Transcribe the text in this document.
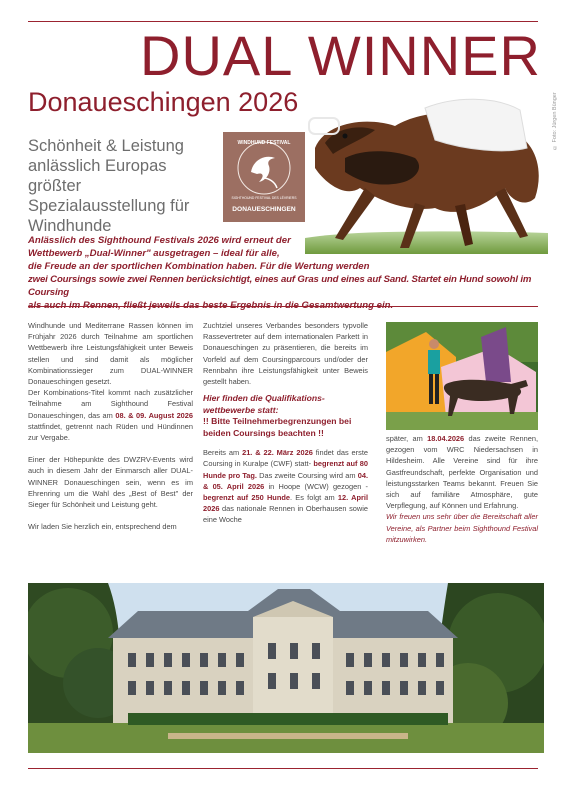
DUAL WINNER
Donaueschingen 2026
Schönheit & Leistung anlässlich Europas größter Spezialausstellung für Windhunde
© Foto: Jürgen Bünger
WINDHUND FESTIVAL
SIGHTHOUND FESTIVAL DES LÉVRIERS
DONAUESCHINGEN
Anlässlich des Sighthound Festivals 2026 wird erneut der
Wettbewerb „Dual-Winner" ausgetragen – ideal für alle,
die Freude an der sportlichen Kombination haben. Für die Wertung werden
zwei Coursings sowie zwei Rennen berücksichtigt, eines auf Gras und eines auf Sand. Startet ein Hund sowohl im Coursing

Windhunde und Mediterrane Rassen können im Frühjahr 2026 durch Teilnahme am sportlichen Wettbewerb ihre Leistungsfähigkeit unter Beweis stellen und sind damit als möglicher Kombinationssieger zum DUAL-WINNER Donaueschingen gesetzt.

Der Kombinations-Titel kommt nach zusätzlicher Teilnahme am Sighthound Festival Donaueschingen, das am 08. & 09. August 2026 stattfindet, getrennt nach Rüden und Hündinnen zur Vergabe.

Einer der Höhepunkte des DWZRV-Events wird auch in diesem Jahr der Einmarsch aller DUAL-WINNER Donaueschingen sein, wenn es im Ehrenring um die Wahl des „Best of Best" der Sieger für Schönheit und Leistung geht.

Wir laden Sie herzlich ein, entsprechend dem

Zuchtziel unseres Verbandes besonders typvolle Rassevertreter auf dem internationalen Parkett in Donaueschingen zu präsentieren, die bereits im Vorfeld auf dem Coursingparcours und/oder der Rennbahn ihre Leistungsfähigkeit unter Beweis gestellt haben.

Hier finden die Qualifikations-
wettbewerbe statt:
!! Bitte Teilnehmerbegrenzungen bei beiden Coursings beachten !!

Bereits am 21. & 22. März 2026 findet das erste Coursing in Kuralpe (CWF) statt- begrenzt auf 80 Hunde pro Tag. Das zweite Coursing wird am 04. & 05. April 2026 in Hoope (WCW) gezogen - begrenzt auf 250 Hunde. Es folgt am 12. April 2026 das nationale Rennen in Oberhausen sowie eine Woche

später, am 18.04.2026 das zweite Rennen, gezogen vom WRC Niedersachsen in Hildesheim. Alle Vereine sind für ihre Gastfreundschaft, perfekte Organisation und leistungsstarken Teams bekannt. Freuen Sie sich auf familiäre Atmosphäre, gute Verpflegung, auf Können und Erfahrung.

Wir freuen uns sehr über die Bereitschaft aller Vereine, als Partner beim Sighthound Festival mitzuwirken.
